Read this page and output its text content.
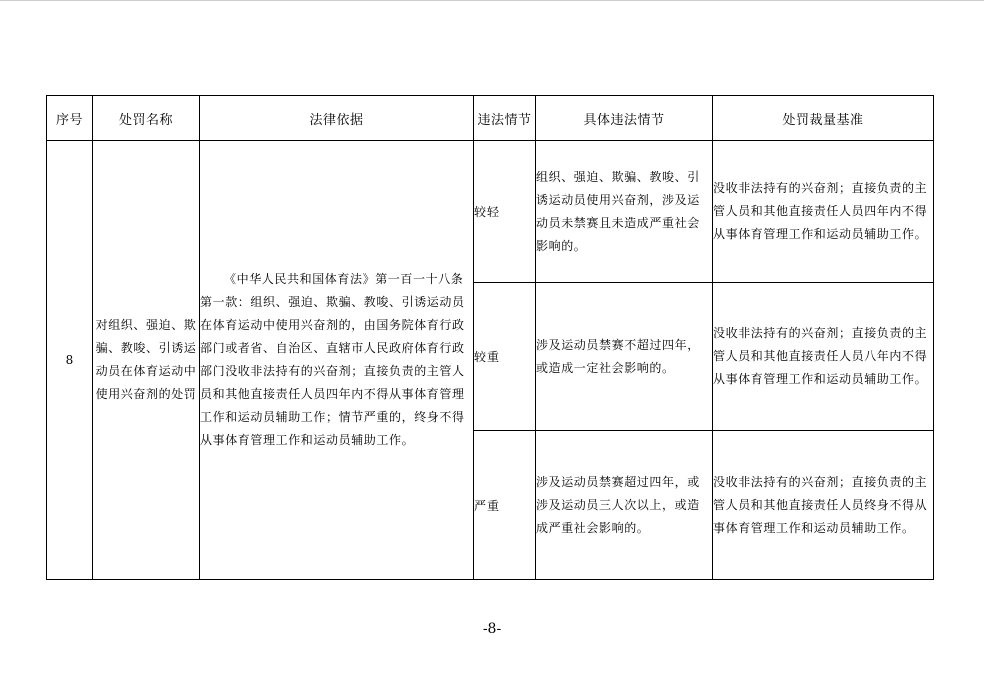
序号	处罚名称	法律依据	违法情节	具体违法情节	处罚裁量基准
8	对组织、强迫、欺骗、教唆、引诱运动员在体育运动中使用兴奋剂的处罚	《中华人民共和国体育法》第一百一十八条第一款：组织、强迫、欺骗、教唆、引诱运动员在体育运动中使用兴奋剂的，由国务院体育行政部门或者省、自治区、直辖市人民政府体育行政部门没收非法持有的兴奋剂；直接负责的主管人员和其他直接责任人员四年内不得从事体育管理工作和运动员辅助工作；情节严重的，终身不得从事体育管理工作和运动员辅助工作。	较轻	组织、强迫、欺骗、教唆、引诱运动员使用兴奋剂，涉及运动员未禁赛且未造成严重社会影响的。	没收非法持有的兴奋剂；直接负责的主管人员和其他直接责任人员四年内不得从事体育管理工作和运动员辅助工作。
			较重	涉及运动员禁赛不超过四年，或造成一定社会影响的。	没收非法持有的兴奋剂；直接负责的主管人员和其他直接责任人员八年内不得从事体育管理工作和运动员辅助工作。
			严重	涉及运动员禁赛超过四年，或涉及运动员三人次以上，或造成严重社会影响的。	没收非法持有的兴奋剂；直接负责的主管人员和其他直接责任人员终身不得从事体育管理工作和运动员辅助工作。
-8-
